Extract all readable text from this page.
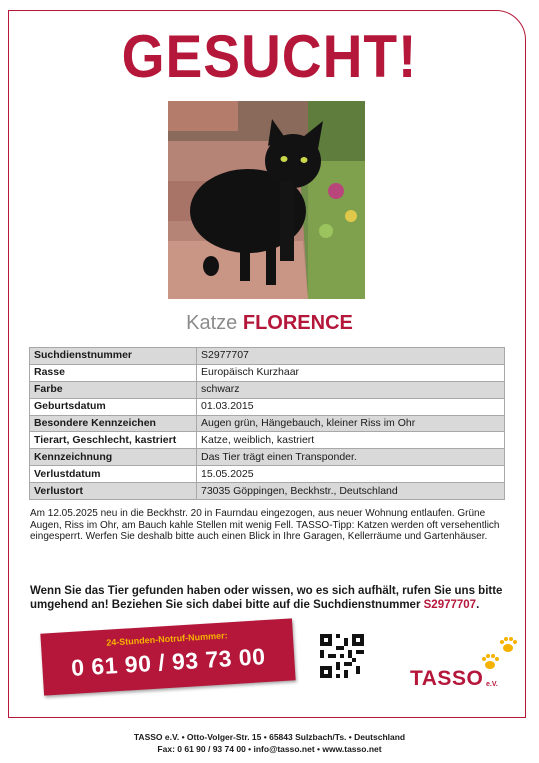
GESUCHT!
Katze FLORENCE
Suchdienstnummer	S2977707
Rasse	Europäisch Kurzhaar
Farbe	schwarz
Geburtsdatum	01.03.2015
Besondere Kennzeichen	Augen grün, Hängebauch, kleiner Riss im Ohr
Tierart, Geschlecht, kastriert	Katze, weiblich, kastriert
Kennzeichnung	Das Tier trägt einen Transponder.
Verlustdatum	15.05.2025
Verlustort	73035 Göppingen, Beckhstr., Deutschland
Am 12.05.2025 neu in die Beckhstr. 20 in Faurndau eingezogen, aus neuer Wohnung entlaufen. Grüne Augen, Riss im Ohr, am Bauch kahle Stellen mit wenig Fell. TASSO-Tipp: Katzen werden oft versehentlich eingesperrt. Werfen Sie deshalb bitte auch einen Blick in Ihre Garagen, Kellerräume und Gartenhäuser.
Wenn Sie das Tier gefunden haben oder wissen, wo es sich aufhält, rufen Sie uns bitte umgehend an! Beziehen Sie sich dabei bitte auf die Suchdienstnummer S2977707.
24-Stunden-Notruf-Nummer:
0 61 90 / 93 73 00	TASSO e.V.
TASSO e.V. • Otto-Volger-Str. 15 • 65843 Sulzbach/Ts. • Deutschland
Fax: 0 61 90 / 93 74 00 • info@tasso.net • www.tasso.net
